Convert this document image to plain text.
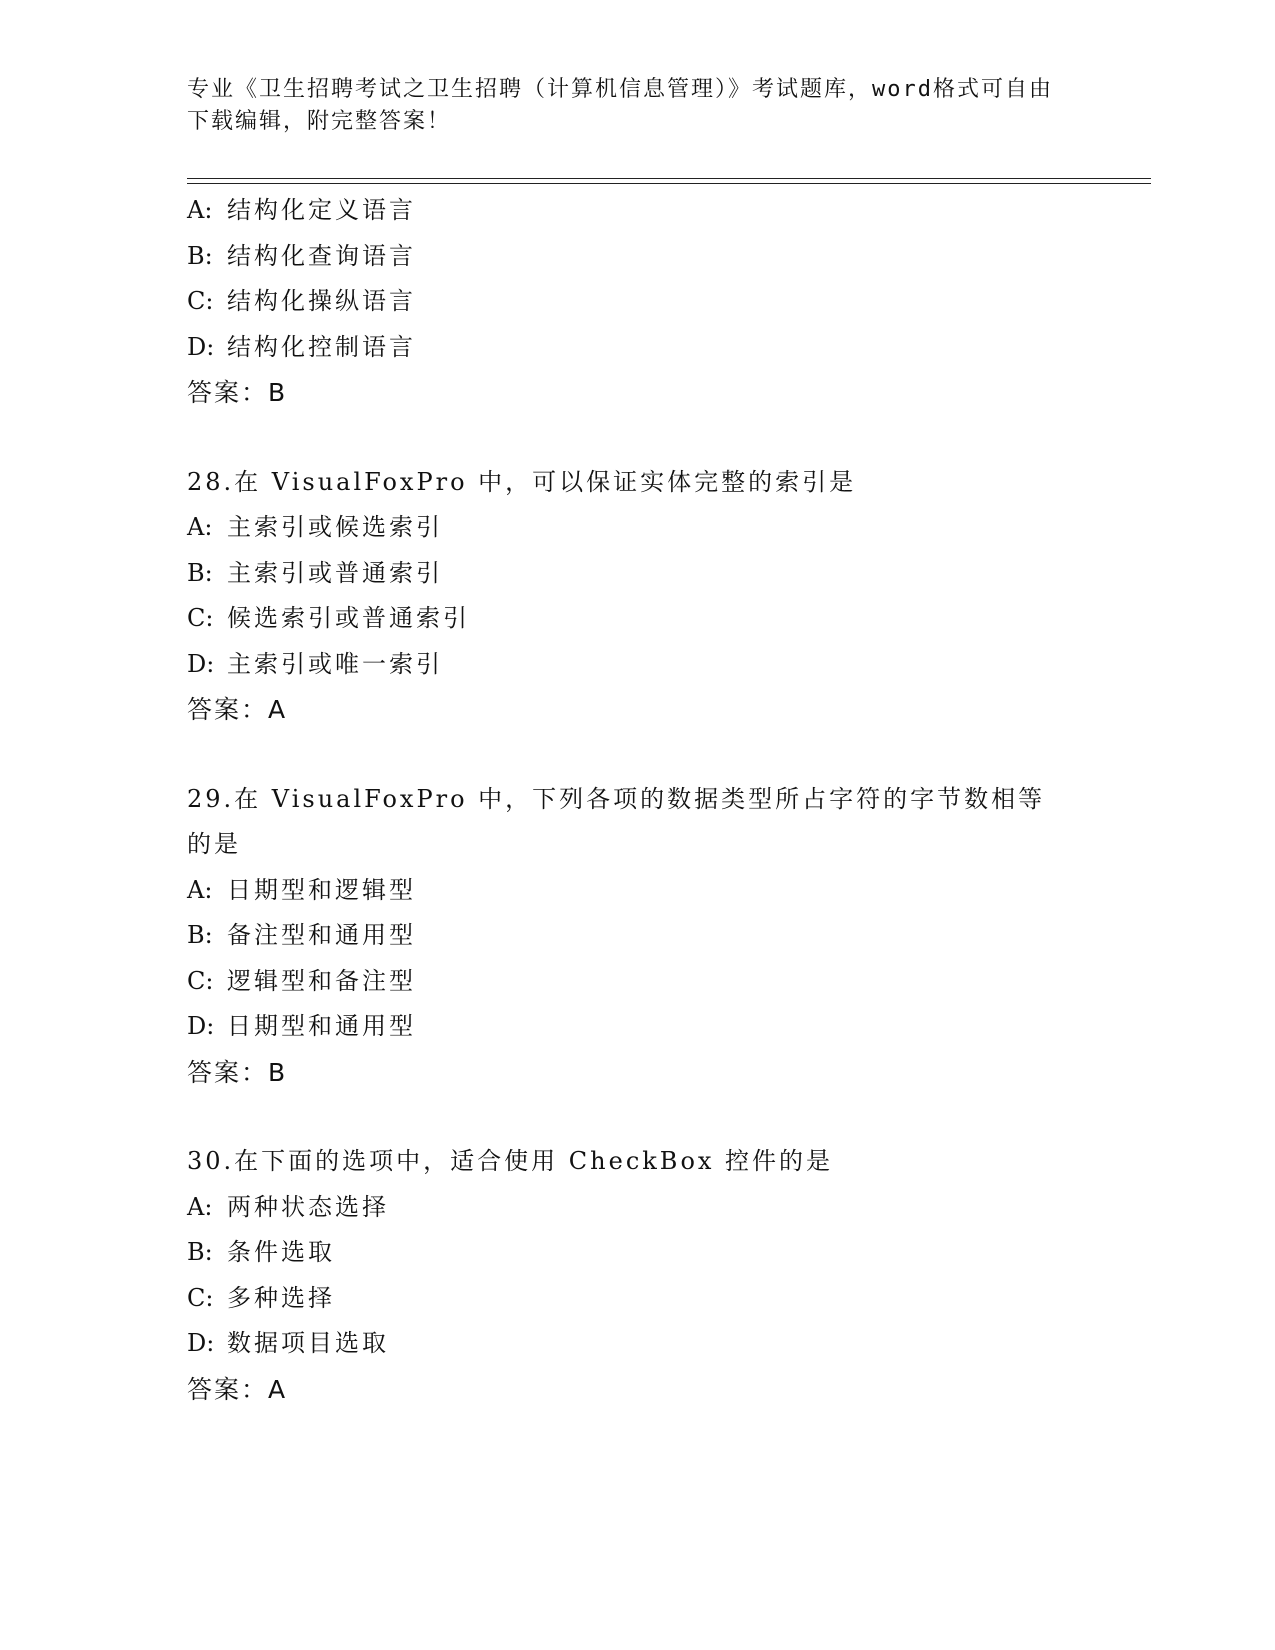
专业《卫生招聘考试之卫生招聘（计算机信息管理）》考试题库，word格式可自由下载编辑，附完整答案！
A: 结构化定义语言
B: 结构化查询语言
C: 结构化操纵语言
D: 结构化控制语言
答案：B
28.在 VisualFoxPro 中，可以保证实体完整的索引是
A: 主索引或候选索引
B: 主索引或普通索引
C: 候选索引或普通索引
D: 主索引或唯一索引
答案：A
29.在 VisualFoxPro 中，下列各项的数据类型所占字符的字节数相等的是
A: 日期型和逻辑型
B: 备注型和通用型
C: 逻辑型和备注型
D: 日期型和通用型
答案：B
30.在下面的选项中，适合使用 CheckBox 控件的是
A: 两种状态选择
B: 条件选取
C: 多种选择
D: 数据项目选取
答案：A
